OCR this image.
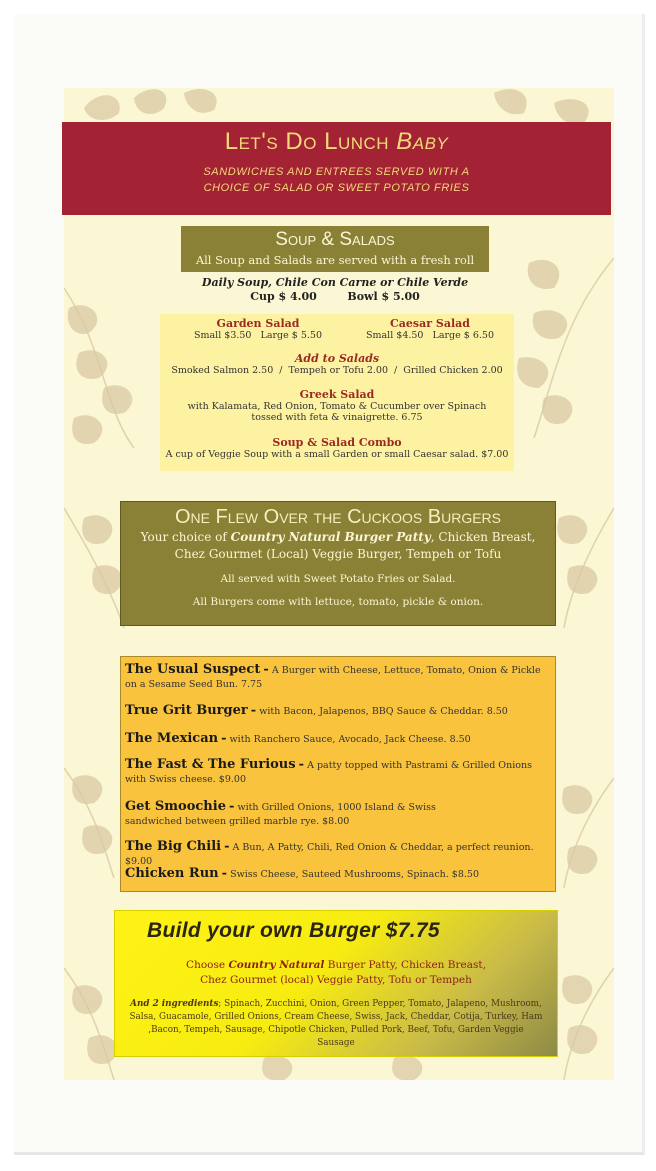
Let's Do Lunch Baby
SANDWICHES AND ENTREES SERVED WITH A
CHOICE OF SALAD OR SWEET POTATO FRIES
Soup & Salads
All Soup and Salads are served with a fresh roll
Daily Soup, Chile Con Carne or Chile Verde
Cup $ 4.00	Bowl $ 5.00
Garden Salad
Small $3.50   Large $ 5.50
Caesar Salad
Small $4.50   Large $ 6.50
Add to Salads
Smoked Salmon 2.50  /  Tempeh or Tofu 2.00  /  Grilled Chicken 2.00
Greek Salad
with Kalamata, Red Onion, Tomato & Cucumber over Spinach
tossed with feta & vinaigrette. 6.75
Soup & Salad Combo
A cup of Veggie Soup with a small Garden or small Caesar salad. $7.00
One Flew Over the Cuckoos Burgers
Your choice of Country Natural Burger Patty, Chicken Breast,
Chez Gourmet (Local) Veggie Burger, Tempeh or Tofu
All served with Sweet Potato Fries or Salad.
All Burgers come with lettuce, tomato, pickle & onion.
The Usual Suspect - A Burger with Cheese, Lettuce, Tomato, Onion & Pickle
on a Sesame Seed Bun. 7.75
True Grit Burger - with Bacon, Jalapenos, BBQ Sauce & Cheddar. 8.50
The Mexican - with Ranchero Sauce, Avocado, Jack Cheese. 8.50
The Fast & The Furious - A patty topped with Pastrami & Grilled Onions
with Swiss cheese. $9.00
Get Smoochie - with Grilled Onions, 1000 Island & Swiss
sandwiched between grilled marble rye. $8.00
The Big Chili - A Bun, A Patty, Chili, Red Onion & Cheddar, a perfect reunion. $9.00
Chicken Run - Swiss Cheese, Sauteed Mushrooms, Spinach. $8.50
Build your own Burger $7.75
Choose Country Natural Burger Patty, Chicken Breast,
Chez Gourmet (local) Veggie Patty, Tofu or Tempeh
And 2 ingredients; Spinach, Zucchini, Onion, Green Pepper, Tomato, Jalapeno, Mushroom, Salsa, Guacamole, Grilled Onions, Cream Cheese, Swiss, Jack, Cheddar, Cotija, Turkey, Ham ,Bacon, Tempeh, Sausage, Chipotle Chicken, Pulled Pork, Beef, Tofu, Garden Veggie Sausage
